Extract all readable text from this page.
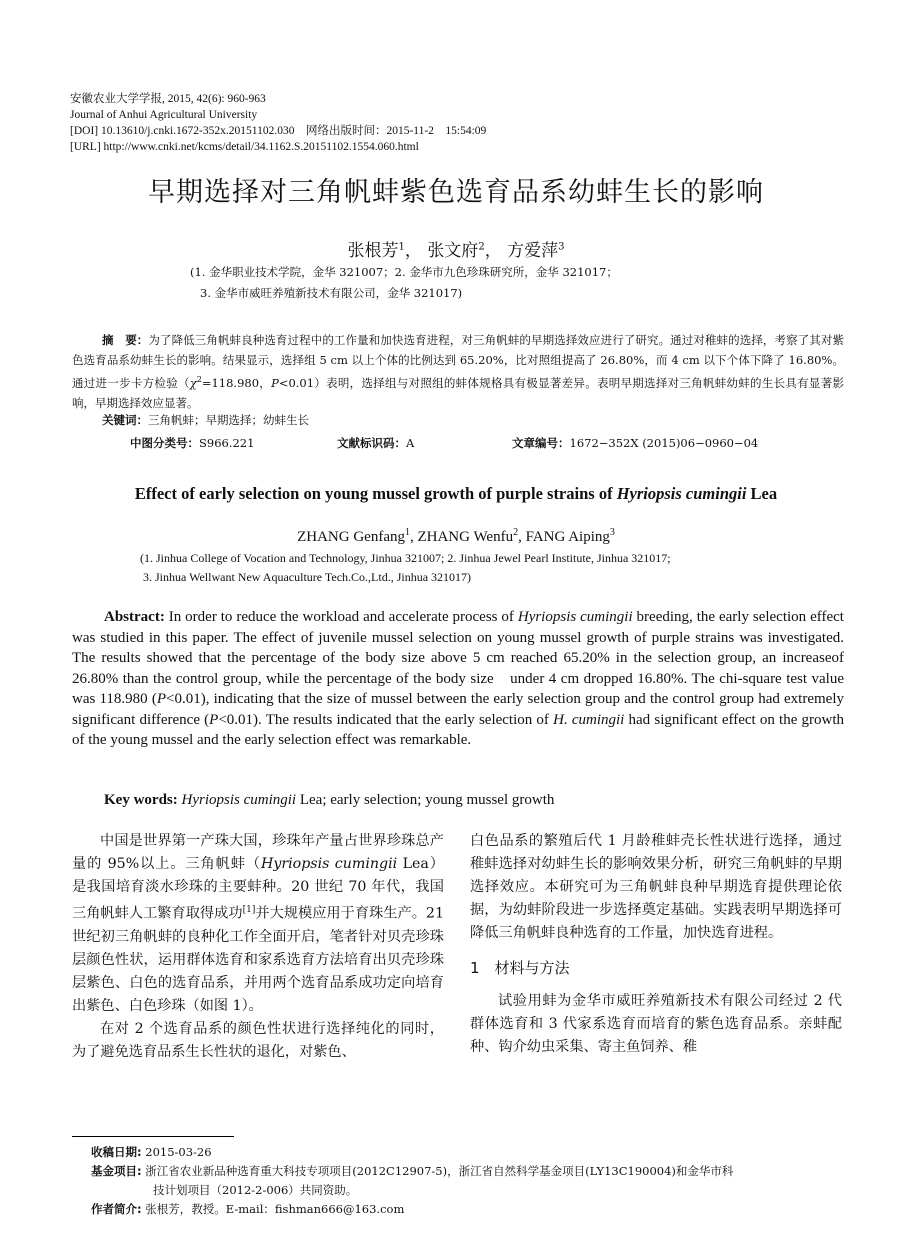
安徽农业大学学报, 2015, 42(6): 960-963
Journal of Anhui Agricultural University
[DOI] 10.13610/j.cnki.1672-352x.20151102.030　网络出版时间：2015-11-2　15:54:09
[URL] http://www.cnki.net/kcms/detail/34.1162.S.20151102.1554.060.html
早期选择对三角帆蚌紫色选育品系幼蚌生长的影响
张根芳$^1$， 张文府$^2$， 方爱萍$^3$
(1. 金华职业技术学院，金华 321007；2. 金华市九色珍珠研究所，金华 321017；
3. 金华市威旺养殖新技术有限公司，金华 321017)
摘　要：为了降低三角帆蚌良种选育过程中的工作量和加快选育进程，对三角帆蚌的早期选择效应进行了研究。通过对稚蚌的选择，考察了其对紫色选育品系幼蚌生长的影响。结果显示，选择组 5 cm 以上个体的比例达到 65.20%，比对照组提高了 26.80%，而 4 cm 以下个体下降了 16.80%。通过进一步卡方检验（$\chi^2=118.980$，P<0.01）表明，选择组与对照组的蚌体规格具有极显著差异。表明早期选择对三角帆蚌幼蚌的生长具有显著影响，早期选择效应显著。
关键词：三角帆蚌；早期选择；幼蚌生长
中图分类号：S966.221	文献标识码：A	文章编号：1672−352X (2015)06−0960−04
Effect of early selection on young mussel growth of purple strains of Hyriopsis cumingii Lea
ZHANG Genfang$^1$, ZHANG Wenfu$^2$, FANG Aiping$^3$
(1. Jinhua College of Vocation and Technology, Jinhua 321007; 2. Jinhua Jewel Pearl Institute, Jinhua 321017;
3. Jinhua Wellwant New Aquaculture Tech.Co.,Ltd., Jinhua 321017)
Abstract: In order to reduce the workload and accelerate process of Hyriopsis cumingii breeding, the early selection effect was studied in this paper. The effect of juvenile mussel selection on young mussel growth of purple strains was investigated. The results showed that the percentage of the body size above 5 cm reached 65.20% in the selection group, an increaseof 26.80% than the control group, while the percentage of the body size　under 4 cm dropped 16.80%. The chi-square test value was 118.980 (P<0.01), indicating that the size of mussel between the early selection group and the control group had extremely significant difference (P<0.01). The results indicated that the early selection of H. cumingii had significant effect on the growth of the young mussel and the early selection effect was remarkable.
Key words: Hyriopsis cumingii Lea; early selection; young mussel growth

中国是世界第一产珠大国，珍珠年产量占世界珍珠总产量的 95%以上。三角帆蚌（Hyriopsis cumingii Lea）是我国培育淡水珍珠的主要蚌种。20 世纪 70 年代，我国三角帆蚌人工繁育取得成功[1]并大规模应用于育珠生产。21 世纪初三角帆蚌的良种化工作全面开启，笔者针对贝壳珍珠层颜色性状，运用群体选育和家系选育方法培育出贝壳珍珠层紫色、白色的选育品系，并用两个选育品系成功定向培育出紫色、白色珍珠（如图 1）。

在对 2 个选育品系的颜色性状进行选择纯化的同时，为了避免选育品系生长性状的退化，对紫色、

白色品系的繁殖后代 1 月龄稚蚌壳长性状进行选择，通过稚蚌选择对幼蚌生长的影响效果分析，研究三角帆蚌的早期选择效应。本研究可为三角帆蚌良种早期选育提供理论依据，为幼蚌阶段进一步选择奠定基础。实践表明早期选择可降低三角帆蚌良种选育的工作量，加快选育进程。

1　材料与方法

试验用蚌为金华市威旺养殖新技术有限公司经过 2 代群体选育和 3 代家系选育而培育的紫色选育品系。亲蚌配种、钩介幼虫采集、寄主鱼饲养、稚

收稿日期: 2015-03-26
基金项目: 浙江省农业新品种选育重大科技专项项目(2012C12907-5)，浙江省自然科学基金项目(LY13C190004)和金华市科
技计划项目（2012-2-006）共同资助。
作者简介: 张根芳，教授。E-mail：fishman666@163.com
